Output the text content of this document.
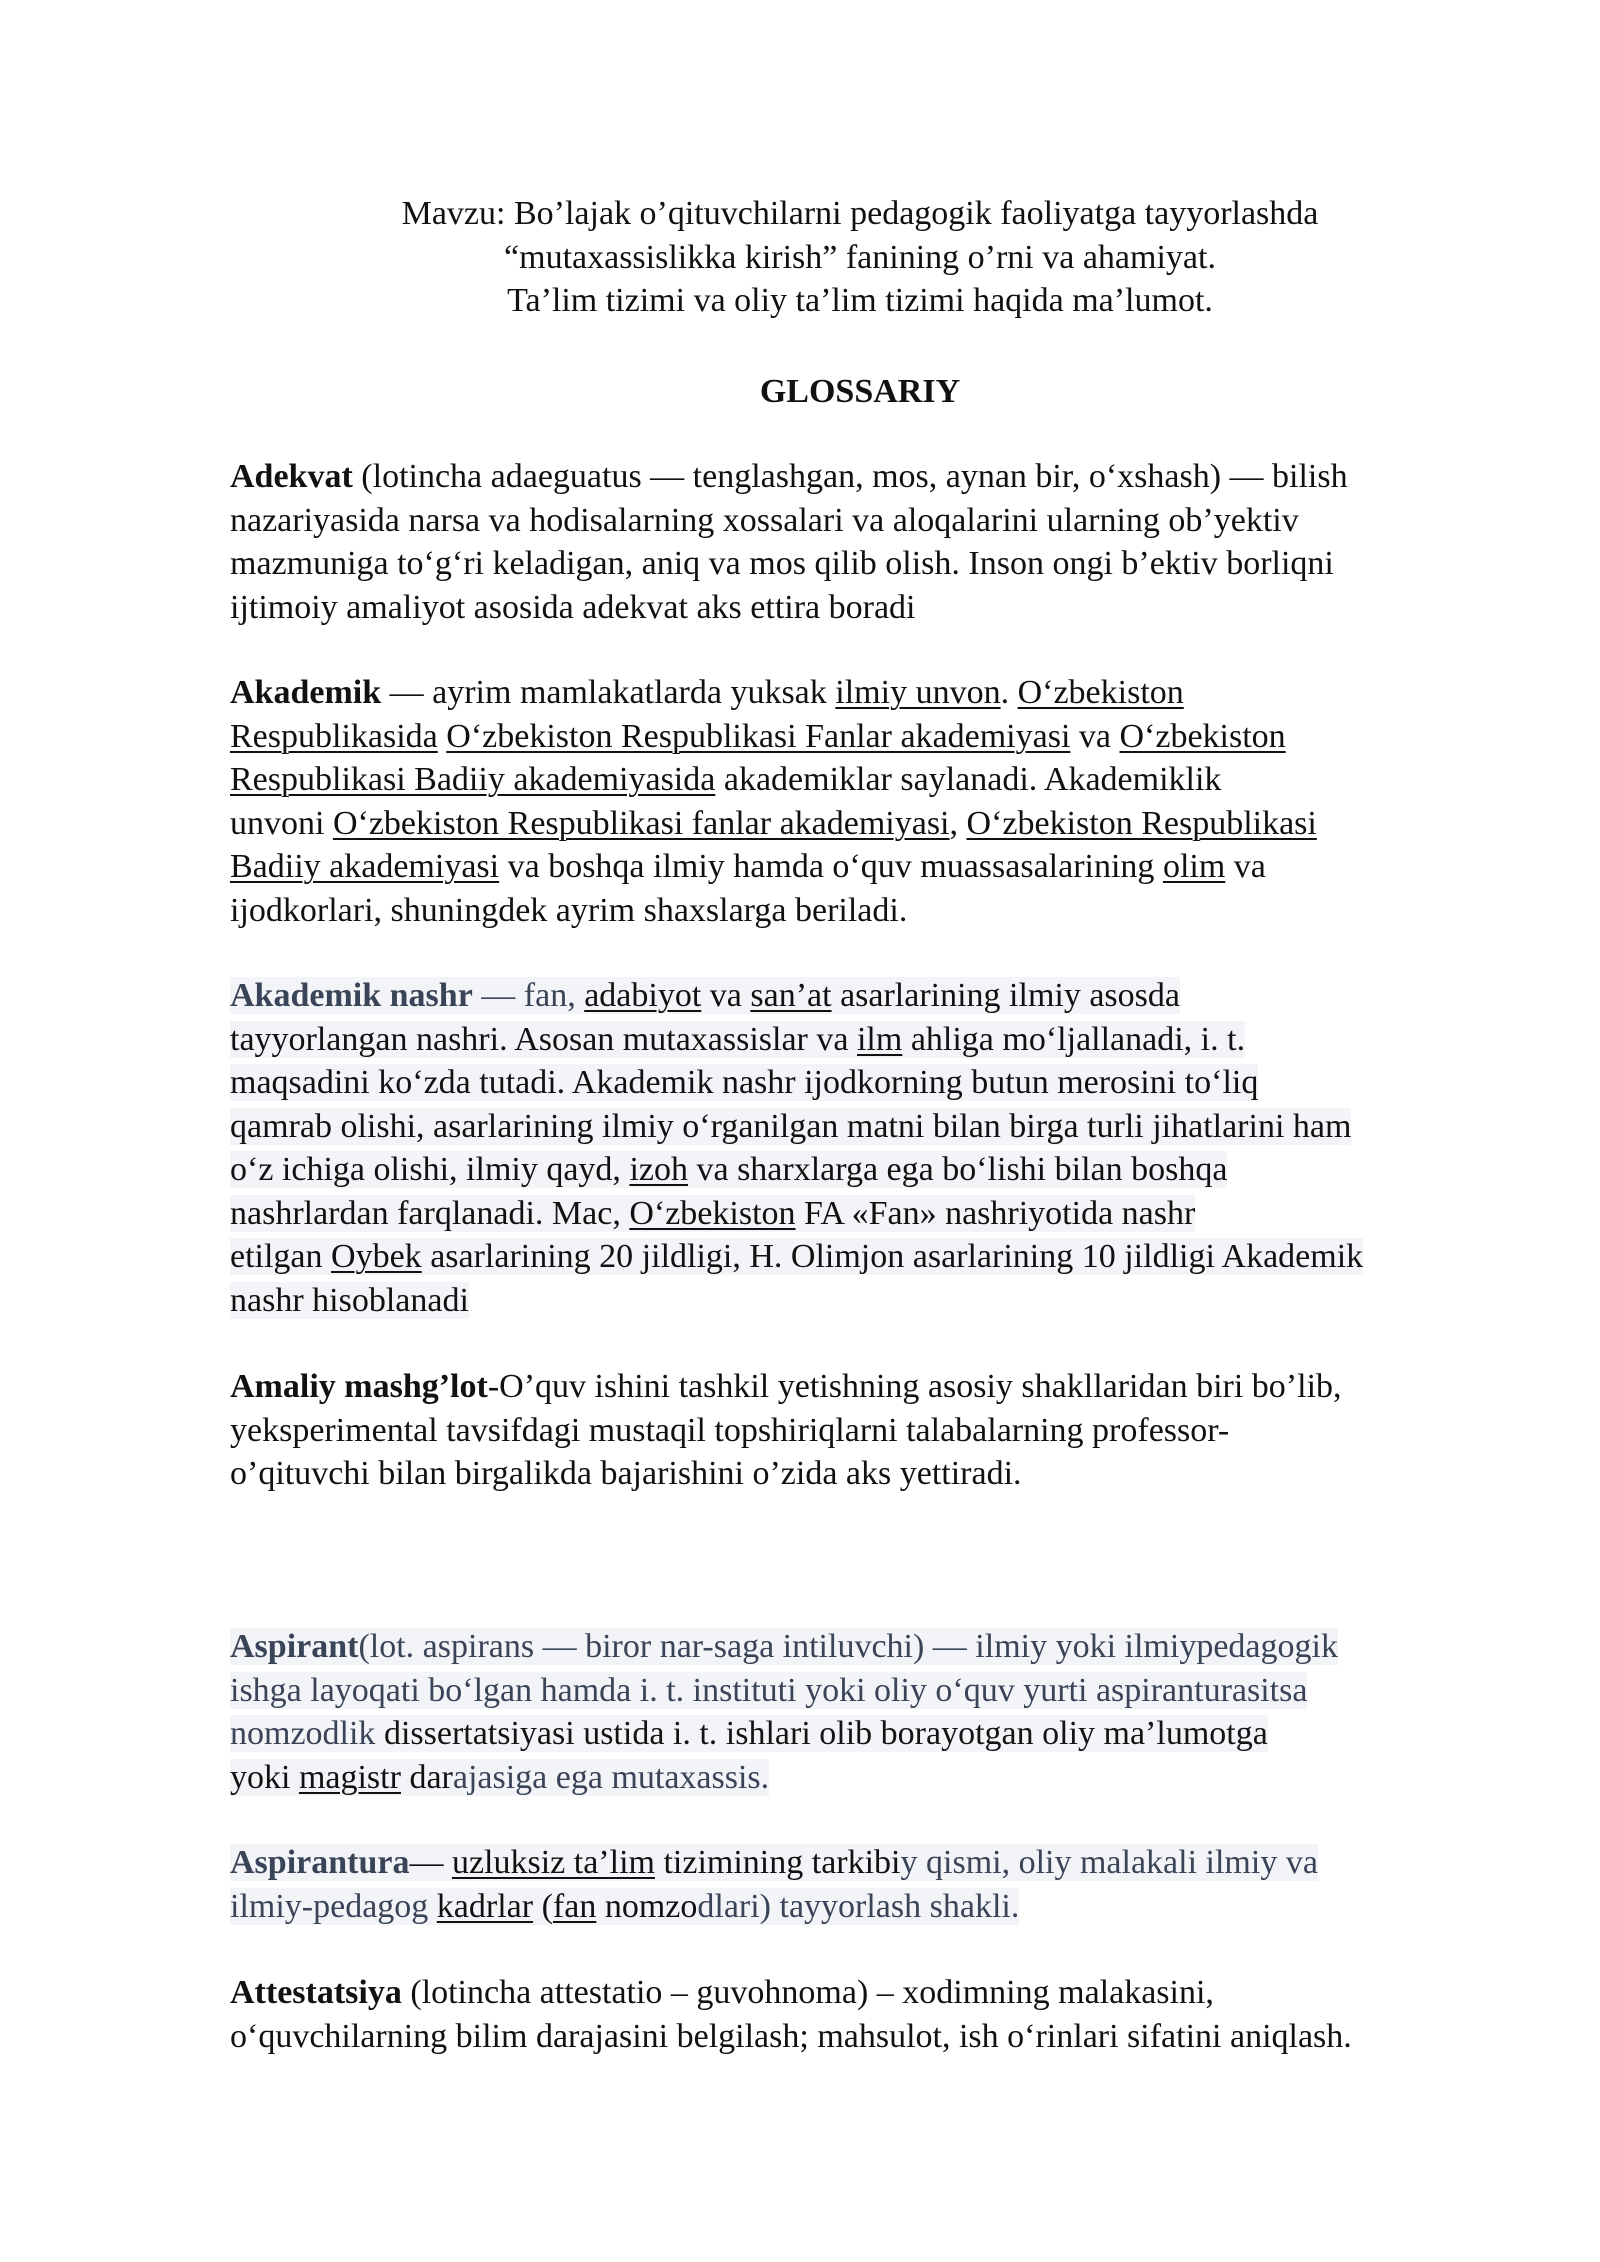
Mavzu: Bo’lajak o’qituvchilarni pedagogik faoliyatga tayyorlashda
“mutaxassislikka kirish” fanining o’rni va ahamiyat.
Ta’lim tizimi va oliy ta’lim tizimi haqida ma’lumot.
GLOSSARIY
Adekvat (lotincha adaeguatus — tenglashgan, mos, aynan bir, o‘xshash) — bilish
nazariyasida narsa va hodisalarning xossalari va aloqalarini ularning ob’yektiv
mazmuniga to‘g‘ri keladigan, aniq va mos qilib olish. Inson ongi b’ektiv borliqni
ijtimoiy amaliyot asosida adekvat aks ettira boradi
Akademik — ayrim mamlakatlarda yuksak ilmiy unvon. O‘zbekiston
Respublikasida O‘zbekiston Respublikasi Fanlar akademiyasi va O‘zbekiston
Respublikasi Badiiy akademiyasida akademiklar saylanadi. Akademiklik
unvoni O‘zbekiston Respublikasi fanlar akademiyasi, O‘zbekiston Respublikasi
Badiiy akademiyasi va boshqa ilmiy hamda o‘quv muassasalarining olim va
ijodkorlari, shuningdek ayrim shaxslarga beriladi.
Akademik nashr — fan, adabiyot va san’at asarlarining ilmiy asosda
tayyorlangan nashri. Asosan mutaxassislar va ilm ahliga mo‘ljallanadi, i. t.
maqsadini ko‘zda tutadi. Akademik nashr ijodkorning butun merosini to‘liq
qamrab olishi, asarlarining ilmiy o‘rganilgan matni bilan birga turli jihatlarini ham
o‘z ichiga olishi, ilmiy qayd, izoh va sharxlarga ega bo‘lishi bilan boshqa
nashrlardan farqlanadi. Mac, O‘zbekiston FA «Fan» nashriyotida nashr
etilgan Oybek asarlarining 20 jildligi, H. Olimjon asarlarining 10 jildligi Akademik
nashr hisoblanadi
Amaliy mashg’lot-O’quv ishini tashkil yetishning asosiy shakllaridan biri bo’lib,
yeksperimental tavsifdagi mustaqil topshiriqlarni talabalarning professor-
o’qituvchi bilan birgalikda bajarishini o’zida aks yettiradi.
Aspirant(lot. aspirans — biror nar-saga intiluvchi) — ilmiy yoki ilmiypedagogik
ishga layoqati bo‘lgan hamda i. t. instituti yoki oliy o‘quv yurti aspiranturasitsa
nomzodlik dissertatsiyasi ustida i. t. ishlari olib borayotgan oliy ma’lumotga
yoki magistr darajasiga ega mutaxassis.
Aspirantura— uzluksiz ta’lim tizimining tarkibiy qismi, oliy malakali ilmiy va
ilmiy-pedagog kadrlar (fan nomzodlari) tayyorlash shakli.
Attestatsiya (lotincha attestatio – guvohnoma) – xodimning malakasini,
o‘quvchilarning bilim darajasini belgilash; mahsulot, ish o‘rinlari sifatini aniqlash.
